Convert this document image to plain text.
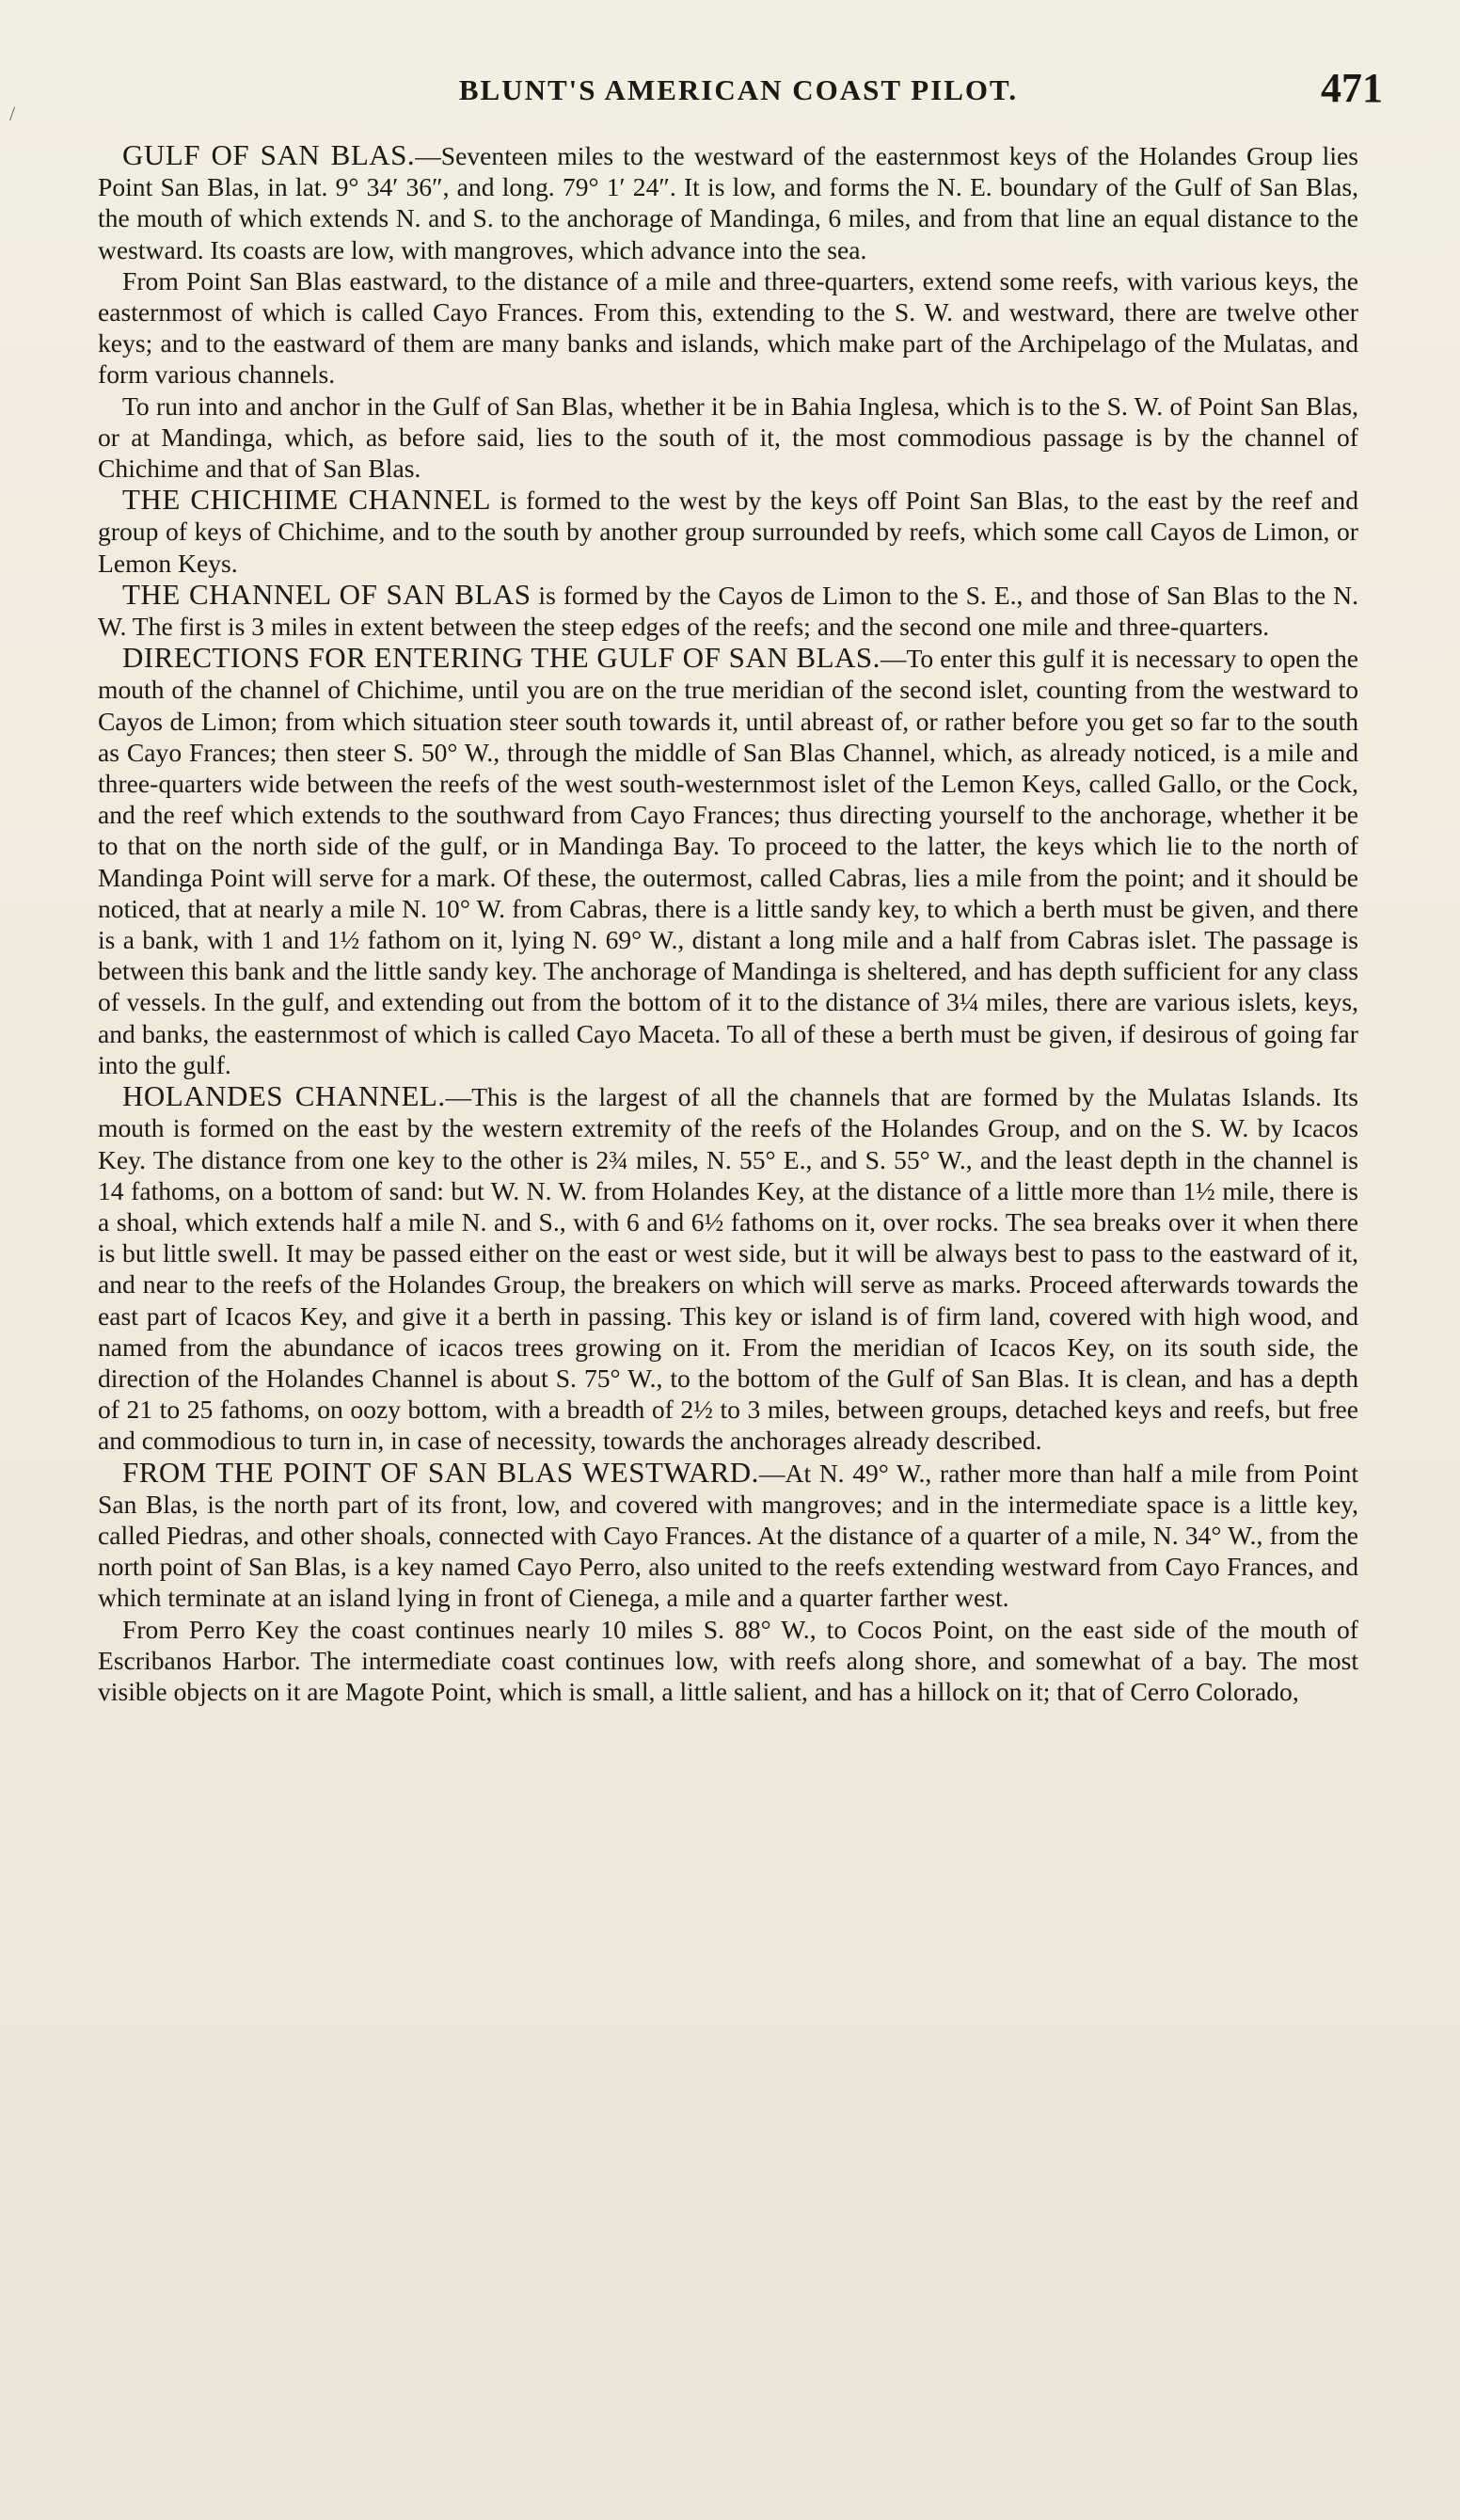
BLUNT'S AMERICAN COAST PILOT.	471
/

GULF OF SAN BLAS.—Seventeen miles to the westward of the easternmost keys of the Holandes Group lies Point San Blas, in lat. 9° 34′ 36″, and long. 79° 1′ 24″. It is low, and forms the N. E. boundary of the Gulf of San Blas, the mouth of which extends N. and S. to the anchorage of Mandinga, 6 miles, and from that line an equal distance to the westward. Its coasts are low, with mangroves, which advance into the sea.

From Point San Blas eastward, to the distance of a mile and three-quarters, extend some reefs, with various keys, the easternmost of which is called Cayo Frances. From this, extending to the S. W. and westward, there are twelve other keys; and to the eastward of them are many banks and islands, which make part of the Archipelago of the Mulatas, and form various channels.

To run into and anchor in the Gulf of San Blas, whether it be in Bahia Inglesa, which is to the S. W. of Point San Blas, or at Mandinga, which, as before said, lies to the south of it, the most commodious passage is by the channel of Chichime and that of San Blas.

THE CHICHIME CHANNEL is formed to the west by the keys off Point San Blas, to the east by the reef and group of keys of Chichime, and to the south by another group surrounded by reefs, which some call Cayos de Limon, or Lemon Keys.

THE CHANNEL OF SAN BLAS is formed by the Cayos de Limon to the S. E., and those of San Blas to the N. W. The first is 3 miles in extent between the steep edges of the reefs; and the second one mile and three-quarters.

DIRECTIONS FOR ENTERING THE GULF OF SAN BLAS.—To enter this gulf it is necessary to open the mouth of the channel of Chichime, until you are on the true meridian of the second islet, counting from the westward to Cayos de Limon; from which situation steer south towards it, until abreast of, or rather before you get so far to the south as Cayo Frances; then steer S. 50° W., through the middle of San Blas Channel, which, as already noticed, is a mile and three-quarters wide between the reefs of the west south-westernmost islet of the Lemon Keys, called Gallo, or the Cock, and the reef which extends to the southward from Cayo Frances; thus directing yourself to the anchorage, whether it be to that on the north side of the gulf, or in Mandinga Bay. To proceed to the latter, the keys which lie to the north of Mandinga Point will serve for a mark. Of these, the outermost, called Cabras, lies a mile from the point; and it should be noticed, that at nearly a mile N. 10° W. from Cabras, there is a little sandy key, to which a berth must be given, and there is a bank, with 1 and 1½ fathom on it, lying N. 69° W., distant a long mile and a half from Cabras islet. The passage is between this bank and the little sandy key. The anchorage of Mandinga is sheltered, and has depth sufficient for any class of vessels. In the gulf, and extending out from the bottom of it to the distance of 3¼ miles, there are various islets, keys, and banks, the easternmost of which is called Cayo Maceta. To all of these a berth must be given, if desirous of going far into the gulf.

HOLANDES CHANNEL.—This is the largest of all the channels that are formed by the Mulatas Islands. Its mouth is formed on the east by the western extremity of the reefs of the Holandes Group, and on the S. W. by Icacos Key. The distance from one key to the other is 2¾ miles, N. 55° E., and S. 55° W., and the least depth in the channel is 14 fathoms, on a bottom of sand: but W. N. W. from Holandes Key, at the distance of a little more than 1½ mile, there is a shoal, which extends half a mile N. and S., with 6 and 6½ fathoms on it, over rocks. The sea breaks over it when there is but little swell. It may be passed either on the east or west side, but it will be always best to pass to the eastward of it, and near to the reefs of the Holandes Group, the breakers on which will serve as marks. Proceed afterwards towards the east part of Icacos Key, and give it a berth in passing. This key or island is of firm land, covered with high wood, and named from the abundance of icacos trees growing on it. From the meridian of Icacos Key, on its south side, the direction of the Holandes Channel is about S. 75° W., to the bottom of the Gulf of San Blas. It is clean, and has a depth of 21 to 25 fathoms, on oozy bottom, with a breadth of 2½ to 3 miles, between groups, detached keys and reefs, but free and commodious to turn in, in case of necessity, towards the anchorages already described.

FROM THE POINT OF SAN BLAS WESTWARD.—At N. 49° W., rather more than half a mile from Point San Blas, is the north part of its front, low, and covered with mangroves; and in the intermediate space is a little key, called Piedras, and other shoals, connected with Cayo Frances. At the distance of a quarter of a mile, N. 34° W., from the north point of San Blas, is a key named Cayo Perro, also united to the reefs extending westward from Cayo Frances, and which terminate at an island lying in front of Cienega, a mile and a quarter farther west.

From Perro Key the coast continues nearly 10 miles S. 88° W., to Cocos Point, on the east side of the mouth of Escribanos Harbor. The intermediate coast continues low, with reefs along shore, and somewhat of a bay. The most visible objects on it are Magote Point, which is small, a little salient, and has a hillock on it; that of Cerro Colorado,
